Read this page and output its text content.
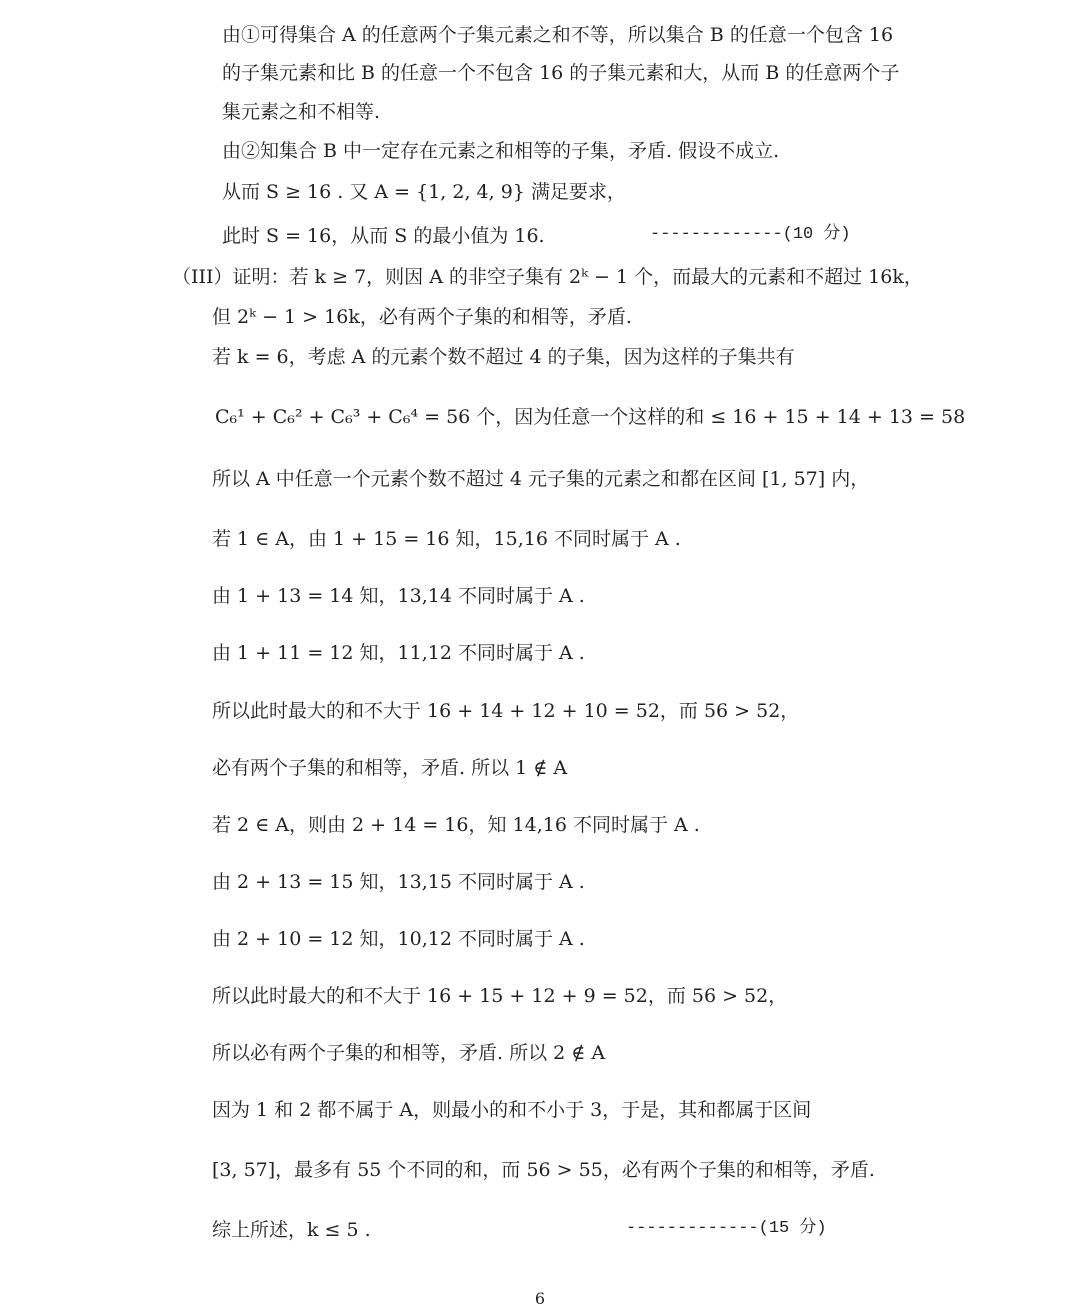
由①可得集合 A 的任意两个子集元素之和不等，所以集合 B 的任意一个包含 16
的子集元素和比 B 的任意一个不包含 16 的子集元素和大，从而 B 的任意两个子
集元素之和不相等.
由②知集合 B 中一定存在元素之和相等的子集，矛盾. 假设不成立.
从而 S ≥ 16 . 又 A = {1, 2, 4, 9} 满足要求，
此时 S = 16，从而 S 的最小值为 16.	-------------(10 分)
（III）证明：若 k ≥ 7，则因 A 的非空子集有 2ᵏ − 1 个，而最大的元素和不超过 16k，
但 2ᵏ − 1 > 16k，必有两个子集的和相等，矛盾.
若 k = 6，考虑 A 的元素个数不超过 4 的子集，因为这样的子集共有
C₆¹ + C₆² + C₆³ + C₆⁴ = 56 个，因为任意一个这样的和 ≤ 16 + 15 + 14 + 13 = 58
所以 A 中任意一个元素个数不超过 4 元子集的元素之和都在区间 [1, 57] 内，
若 1 ∈ A，由 1 + 15 = 16 知，15,16 不同时属于 A .
由 1 + 13 = 14 知，13,14 不同时属于 A .
由 1 + 11 = 12 知，11,12 不同时属于 A .
所以此时最大的和不大于 16 + 14 + 12 + 10 = 52，而 56 > 52，
必有两个子集的和相等，矛盾. 所以 1 ∉ A
若 2 ∈ A，则由 2 + 14 = 16，知 14,16 不同时属于 A .
由 2 + 13 = 15 知，13,15 不同时属于 A .
由 2 + 10 = 12 知，10,12 不同时属于 A .
所以此时最大的和不大于 16 + 15 + 12 + 9 = 52，而 56 > 52，
所以必有两个子集的和相等，矛盾. 所以 2 ∉ A
因为 1 和 2 都不属于 A，则最小的和不小于 3，于是，其和都属于区间
[3, 57]，最多有 55 个不同的和，而 56 > 55，必有两个子集的和相等，矛盾.
综上所述，k ≤ 5 .	-------------(15 分)
6
